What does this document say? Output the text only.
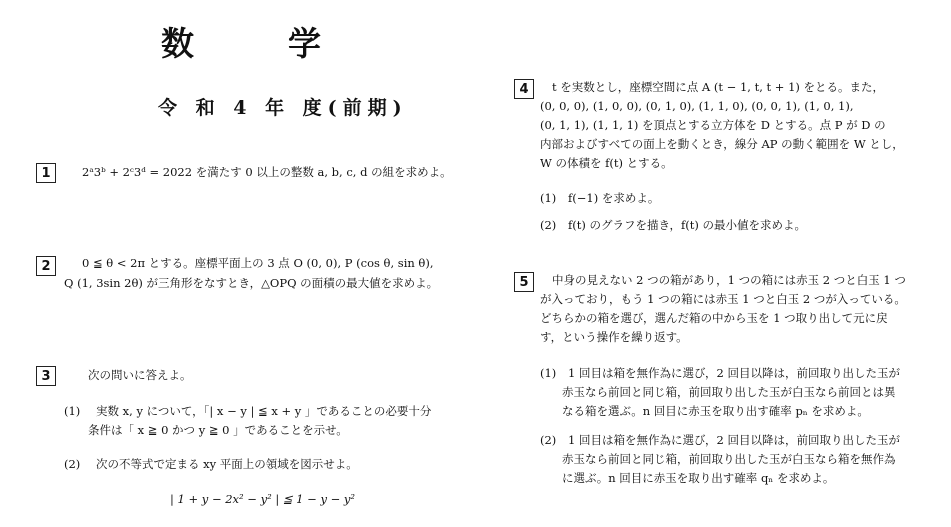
数	学
令 和 4 年 度(前期)
1	2ᵃ3ᵇ + 2ᶜ3ᵈ = 2022 を満たす 0 以上の整数 a, b, c, d の組を求めよ。
2	0 ≦ θ < 2π とする。座標平面上の 3 点 O (0, 0), P (cos θ, sin θ),
Q (1, 3sin 2θ) が三角形をなすとき，△OPQ の面積の最大値を求めよ。
3	次の問いに答えよ。
(1) 実数 x, y について，「| x − y | ≦ x + y 」であることの必要十分
条件は「 x ≧ 0 かつ y ≧ 0 」であることを示せ。
(2) 次の不等式で定まる xy 平面上の領域を図示せよ。
| 1 + y − 2x² − y² | ≦ 1 − y − y²
4	t を実数とし，座標空間に点 A (t − 1, t, t + 1) をとる。また，
(0, 0, 0), (1, 0, 0), (0, 1, 0), (1, 1, 0), (0, 0, 1), (1, 0, 1),
(0, 1, 1), (1, 1, 1) を頂点とする立方体を D とする。点 P が D の
内部およびすべての面上を動くとき，線分 AP の動く範囲を W とし，
W の体積を f(t) とする。
(1) f(−1) を求めよ。
(2) f(t) のグラフを描き，f(t) の最小値を求めよ。
5	中身の見えない 2 つの箱があり，1 つの箱には赤玉 2 つと白玉 1 つ
が入っており，もう 1 つの箱には赤玉 1 つと白玉 2 つが入っている。
どちらかの箱を選び，選んだ箱の中から玉を 1 つ取り出して元に戻
す，という操作を繰り返す。
(1) 1 回目は箱を無作為に選び，2 回目以降は，前回取り出した玉が
赤玉なら前回と同じ箱，前回取り出した玉が白玉なら前回とは異
なる箱を選ぶ。n 回目に赤玉を取り出す確率 pₙ を求めよ。
(2) 1 回目は箱を無作為に選び，2 回目以降は，前回取り出した玉が
赤玉なら前回と同じ箱，前回取り出した玉が白玉なら箱を無作為
に選ぶ。n 回目に赤玉を取り出す確率 qₙ を求めよ。
